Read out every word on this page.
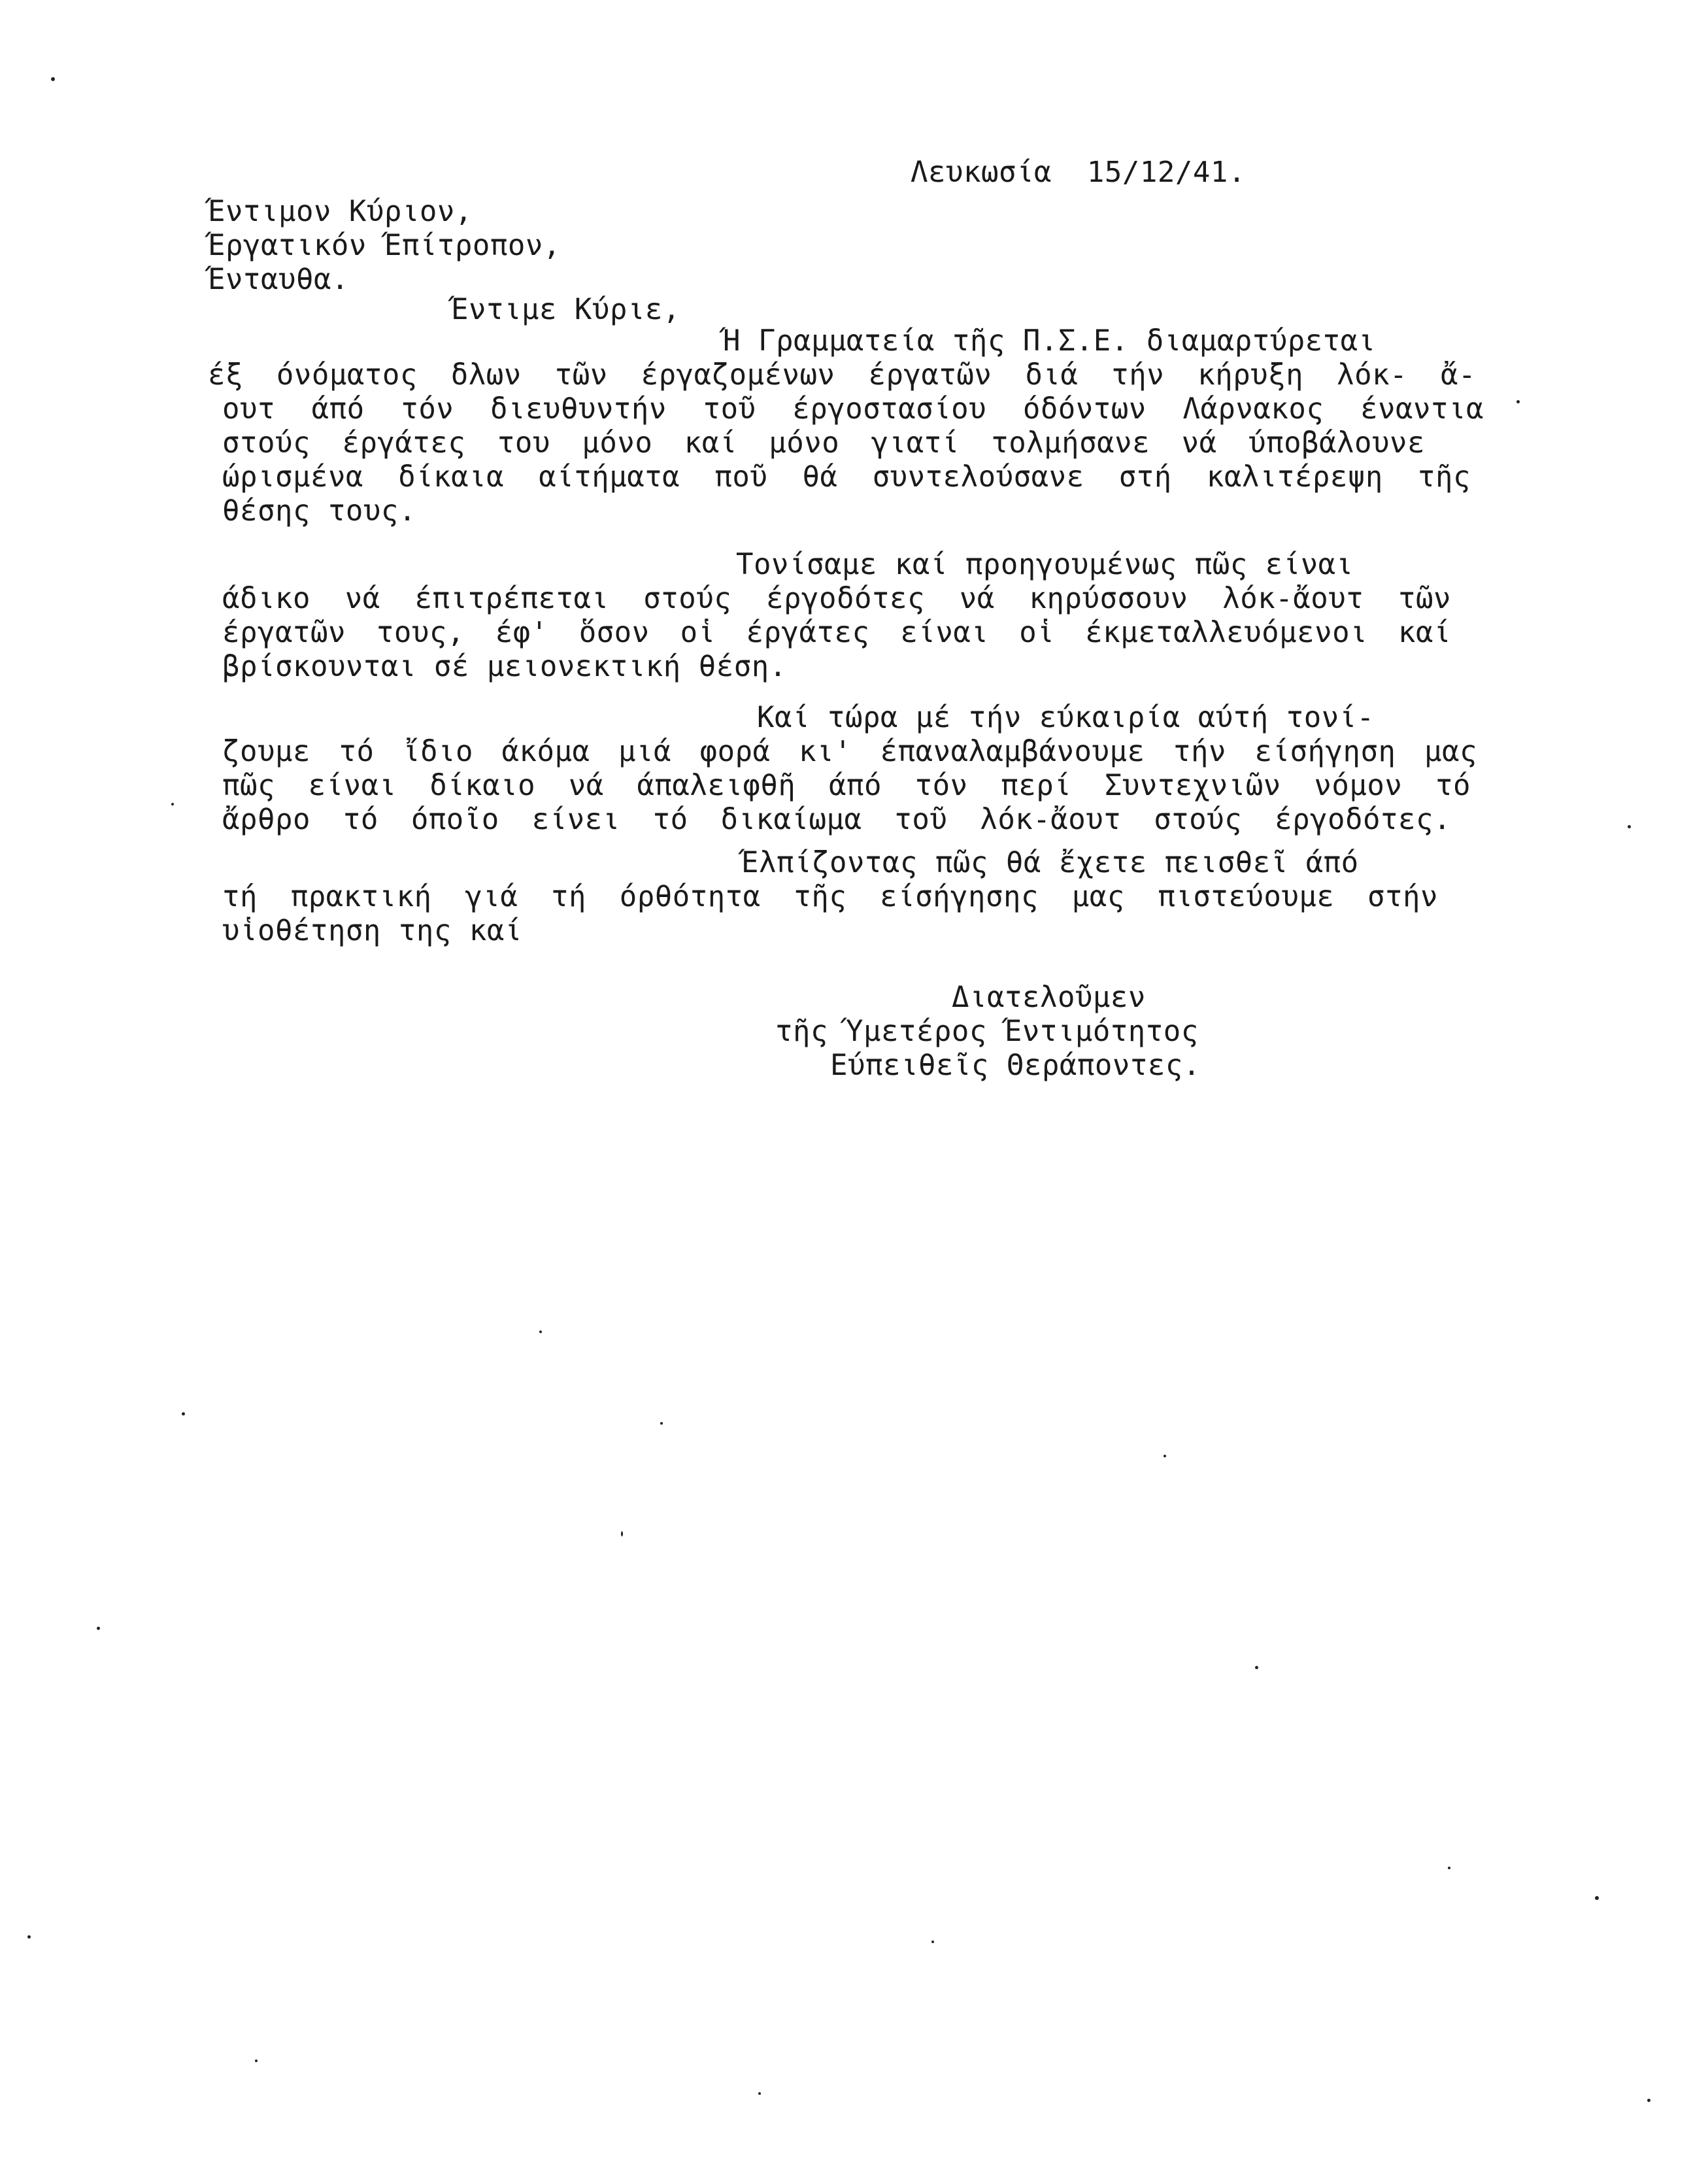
Λευκωσία  15/12/41.
Έντιμον Κύριον,
Έργατικόν Έπίτροπον,
Ένταυθα.
Έντιμε Κύριε,
Ή Γραμματεία τῆς Π.Σ.Ε. διαμαρτύρεται
έξ όνόματος δλων τῶν έργαζομένων έργατῶν διά τήν κήρυξη λόκ- ἄ-
ουτ άπό τόν διευθυντήν τοῦ έργοστασίου όδόντων Λάρνακος έναντια
στούς έργάτες του μόνο καί μόνο γιατί τολμήσανε νά ύποβάλουνε
ώρισμένα δίκαια αίτήματα ποῦ θά συντελούσανε στή καλιτέρεψη τῆς
θέσης τους.
Τονίσαμε καί προηγουμένως πῶς είναι
άδικο νά έπιτρέπεται στούς έργοδότες νά κηρύσσουν λόκ-ἄουτ τῶν
έργατῶν τους, έφ' ὅσον οἱ έργάτες είναι οἱ έκμεταλλευόμενοι καί
βρίσκουνται σέ μειονεκτική θέση.
Καί τώρα μέ τήν εύκαιρία αύτή τονί-
ζουμε τό ἴδιο άκόμα μιά φορά κι' έπαναλαμβάνουμε τήν είσήγηση μας
πῶς είναι δίκαιο νά άπαλειφθῆ άπό τόν περί Συντεχνιῶν νόμον τό
ἄρθρο τό όποῖο είνει τό δικαίωμα τοῦ λόκ-ἄουτ στούς έργοδότες.
Έλπίζοντας πῶς θά ἔχετε πεισθεῖ άπό
τή πρακτική γιά τή όρθότητα τῆς είσήγησης μας πιστεύουμε στήν
υἱοθέτηση της καί
Διατελοῦμεν
τῆς Ύμετέρος Έντιμότητος
Εύπειθεῖς Θεράποντες.
